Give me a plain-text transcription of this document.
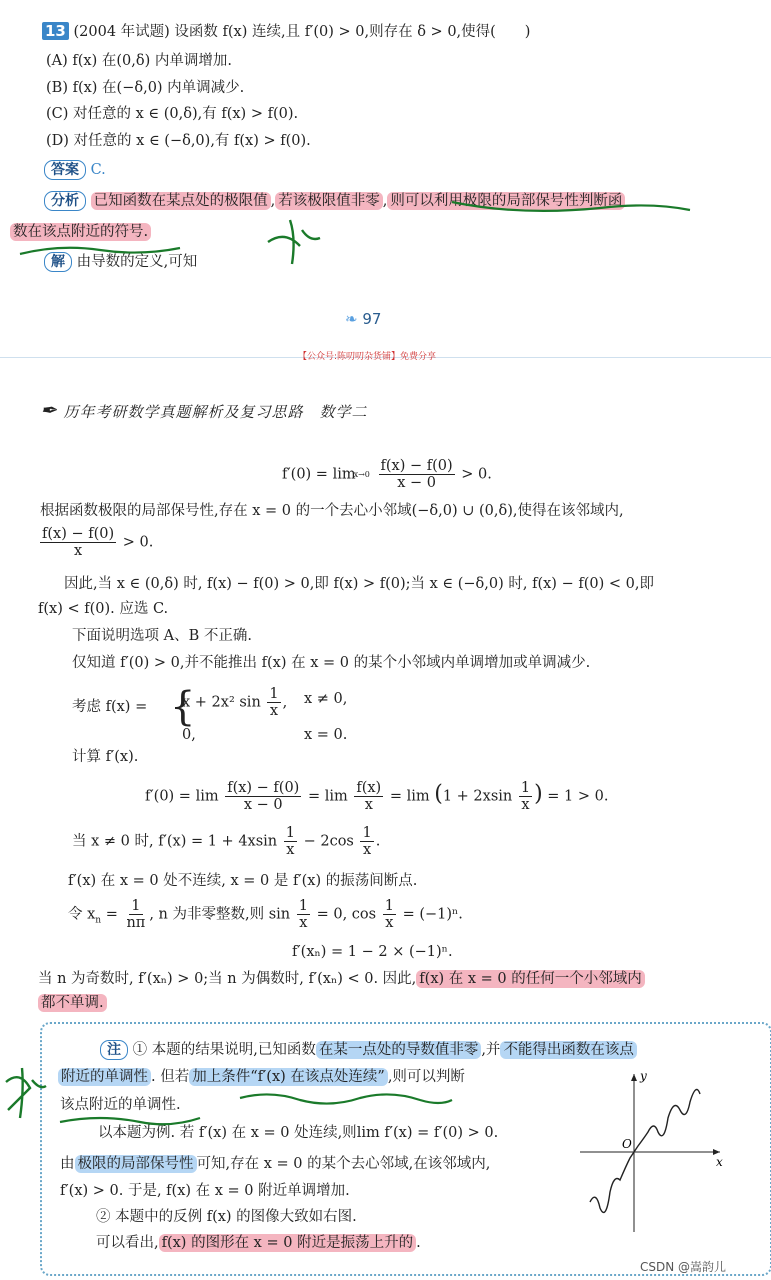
13 (2004 年试题) 设函数 f(x) 连续,且 f′(0) > 0,则存在 δ > 0,使得(　　)
(A) f(x) 在(0,δ) 内单调增加.
(B) f(x) 在(−δ,0) 内单调减少.
(C) 对任意的 x ∈ (0,δ),有 f(x) > f(0).
(D) 对任意的 x ∈ (−δ,0),有 f(x) > f(0).
答案 C.
分析 已知函数在某点处的极限值 , 若该极限值非零 , 则可以利用极限的局部保号性判断函
数在该点附近的符号.
解 由导数的定义,可知
❧ 97
【公众号:陈叨叨杂货铺】免费分享
✒ 历年考研数学真题解析及复习思路　数学二
f′(0) = lim
x→0
$\frac{f(x) - f(0)}{x - 0} > 0$.
根据函数极限的局部保号性,存在 x = 0 的一个去心小邻域(−δ,0) ∪ (0,δ),使得在该邻域内,
$\frac{f(x) - f(0)}{x} > 0$.
因此,当 x ∈ (0,δ) 时, f(x) − f(0) > 0,即 f(x) > f(0);当 x ∈ (−δ,0) 时, f(x) − f(0) < 0,即
f(x) < f(0). 应选 C.
下面说明选项 A、B 不正确.
仅知道 f′(0) > 0,并不能推出 f(x) 在 x = 0 的某个小邻域内单调增加或单调减少.
考虑 f(x) = {
x + 2x² $\sin \frac{1}{x}$ , x ≠ 0,
0,	x = 0.
计算 f′(x).
$f'(0) = \lim \frac{f(x) - f(0)}{x - 0} = \lim \frac{f(x)}{x} = \lim (1 + 2xsin \frac{1}{x}$ ) = 1 > 0.
当 x ≠ 0 时, $f'(x) = 1 + 4xsin \frac{1}{x} - 2\cos \frac{1}{x}$ .
f′(x) 在 x = 0 处不连续, x = 0 是 f′(x) 的振荡间断点.
令 $x_n = \frac{1}{n\pi}$ , n 为非零整数,则 $\sin \frac{1}{x} = 0$, $\cos \frac{1}{x} = (-1)^n$.
f′(xₙ) = 1 − 2 × (−1)ⁿ.
当 n 为奇数时, f′(xₙ) > 0;当 n 为偶数时, f′(xₙ) < 0. 因此, f(x) 在 x = 0 的任何一个小邻域内
都不单调.
注 ① 本题的结果说明,已知函数 在某一点处的导数值非零 ,并 不能得出函数在该点
附近的单调性 . 但若 加上条件“f′(x) 在该点处连续” ,则可以判断
该点附近的单调性.
以本题为例. 若 f′(x) 在 x = 0 处连续,则lim f′(x) = f′(0) > 0.
由 极限的局部保号性 可知,存在 x = 0 的某个去心邻域,在该邻域内,
f′(x) > 0. 于是, f(x) 在 x = 0 附近单调增加.
② 本题中的反例 f(x) 的图像大致如右图.
可以看出, f(x) 的图形在 x = 0 附近是振荡上升的 .
O
y
x
CSDN @嵩韵儿
